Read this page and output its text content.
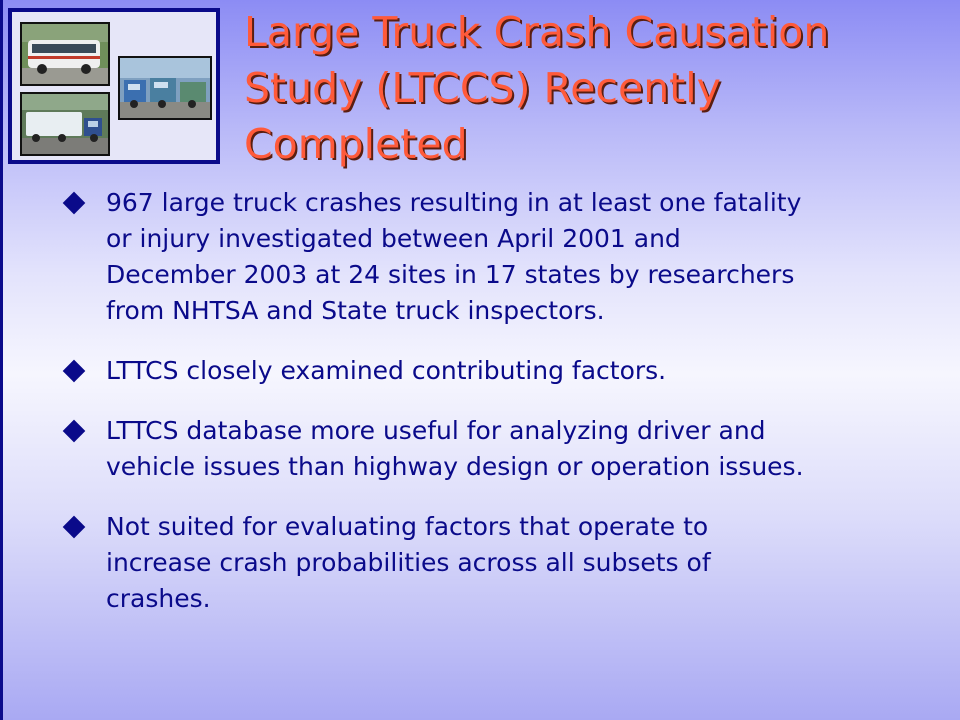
Large Truck Crash Causation
Study (LTCCS) Recently
Completed
967 large truck crashes resulting in at least one fatality
or injury investigated between April 2001 and
December 2003 at 24 sites in 17 states by researchers
from NHTSA and State truck inspectors.
LTTCS closely examined contributing factors.
LTTCS database more useful for analyzing driver and
vehicle issues than highway design or operation issues.
Not suited for evaluating factors that operate to
increase crash probabilities across all subsets of
crashes.
